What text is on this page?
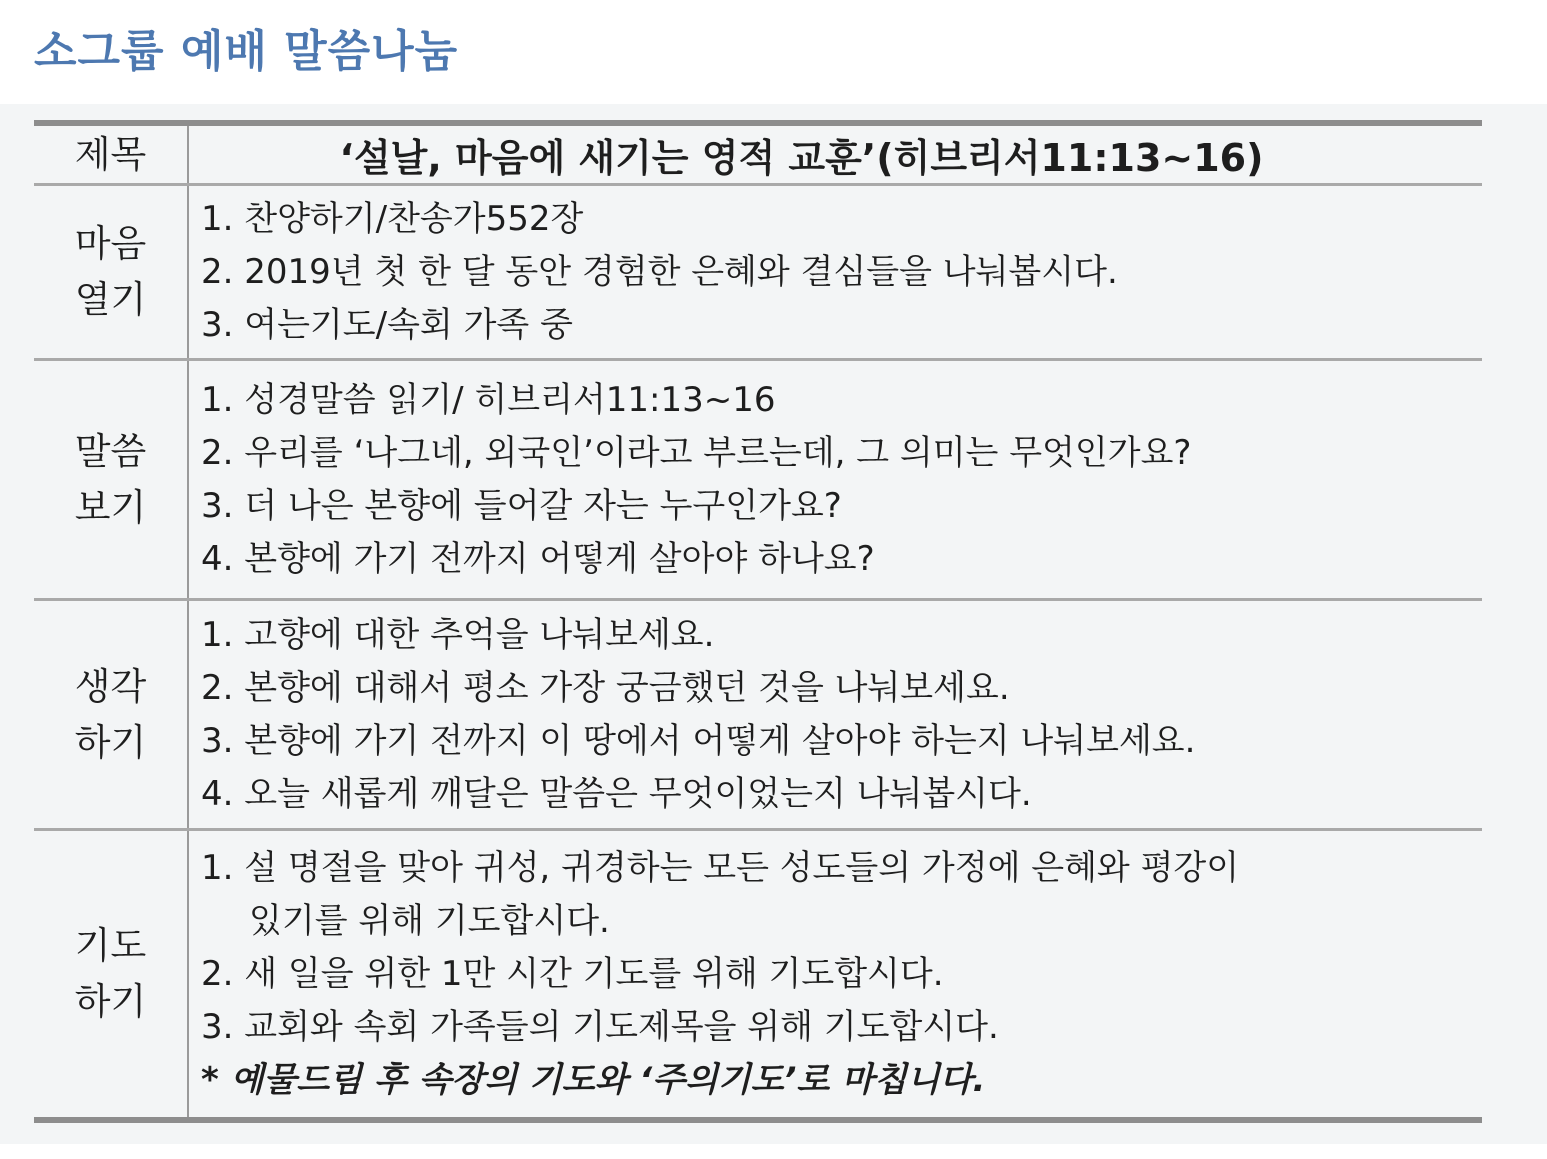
소그룹 예배 말씀나눔
제목	‘설날, 마음에 새기는 영적 교훈’(히브리서11:13~16)
마음
열기
1. 찬양하기/찬송가552장
2. 2019년 첫 한 달 동안 경험한 은혜와 결심들을 나눠봅시다.
3. 여는기도/속회 가족 중
말씀
보기
1. 성경말씀 읽기/ 히브리서11:13~16
2. 우리를 ‘나그네, 외국인’이라고 부르는데, 그 의미는 무엇인가요?
3. 더 나은 본향에 들어갈 자는 누구인가요?
4. 본향에 가기 전까지 어떻게 살아야 하나요?
생각
하기
1. 고향에 대한 추억을 나눠보세요.
2. 본향에 대해서 평소 가장 궁금했던 것을 나눠보세요.
3. 본향에 가기 전까지 이 땅에서 어떻게 살아야 하는지 나눠보세요.
4. 오늘 새롭게 깨달은 말씀은 무엇이었는지 나눠봅시다.
기도
하기
1. 설 명절을 맞아 귀성, 귀경하는 모든 성도들의 가정에 은혜와 평강이
있기를 위해 기도합시다.
2. 새 일을 위한 1만 시간 기도를 위해 기도합시다.
3. 교회와 속회 가족들의 기도제목을 위해 기도합시다.
* 예물드림 후 속장의 기도와 ‘주의기도’로 마칩니다.
